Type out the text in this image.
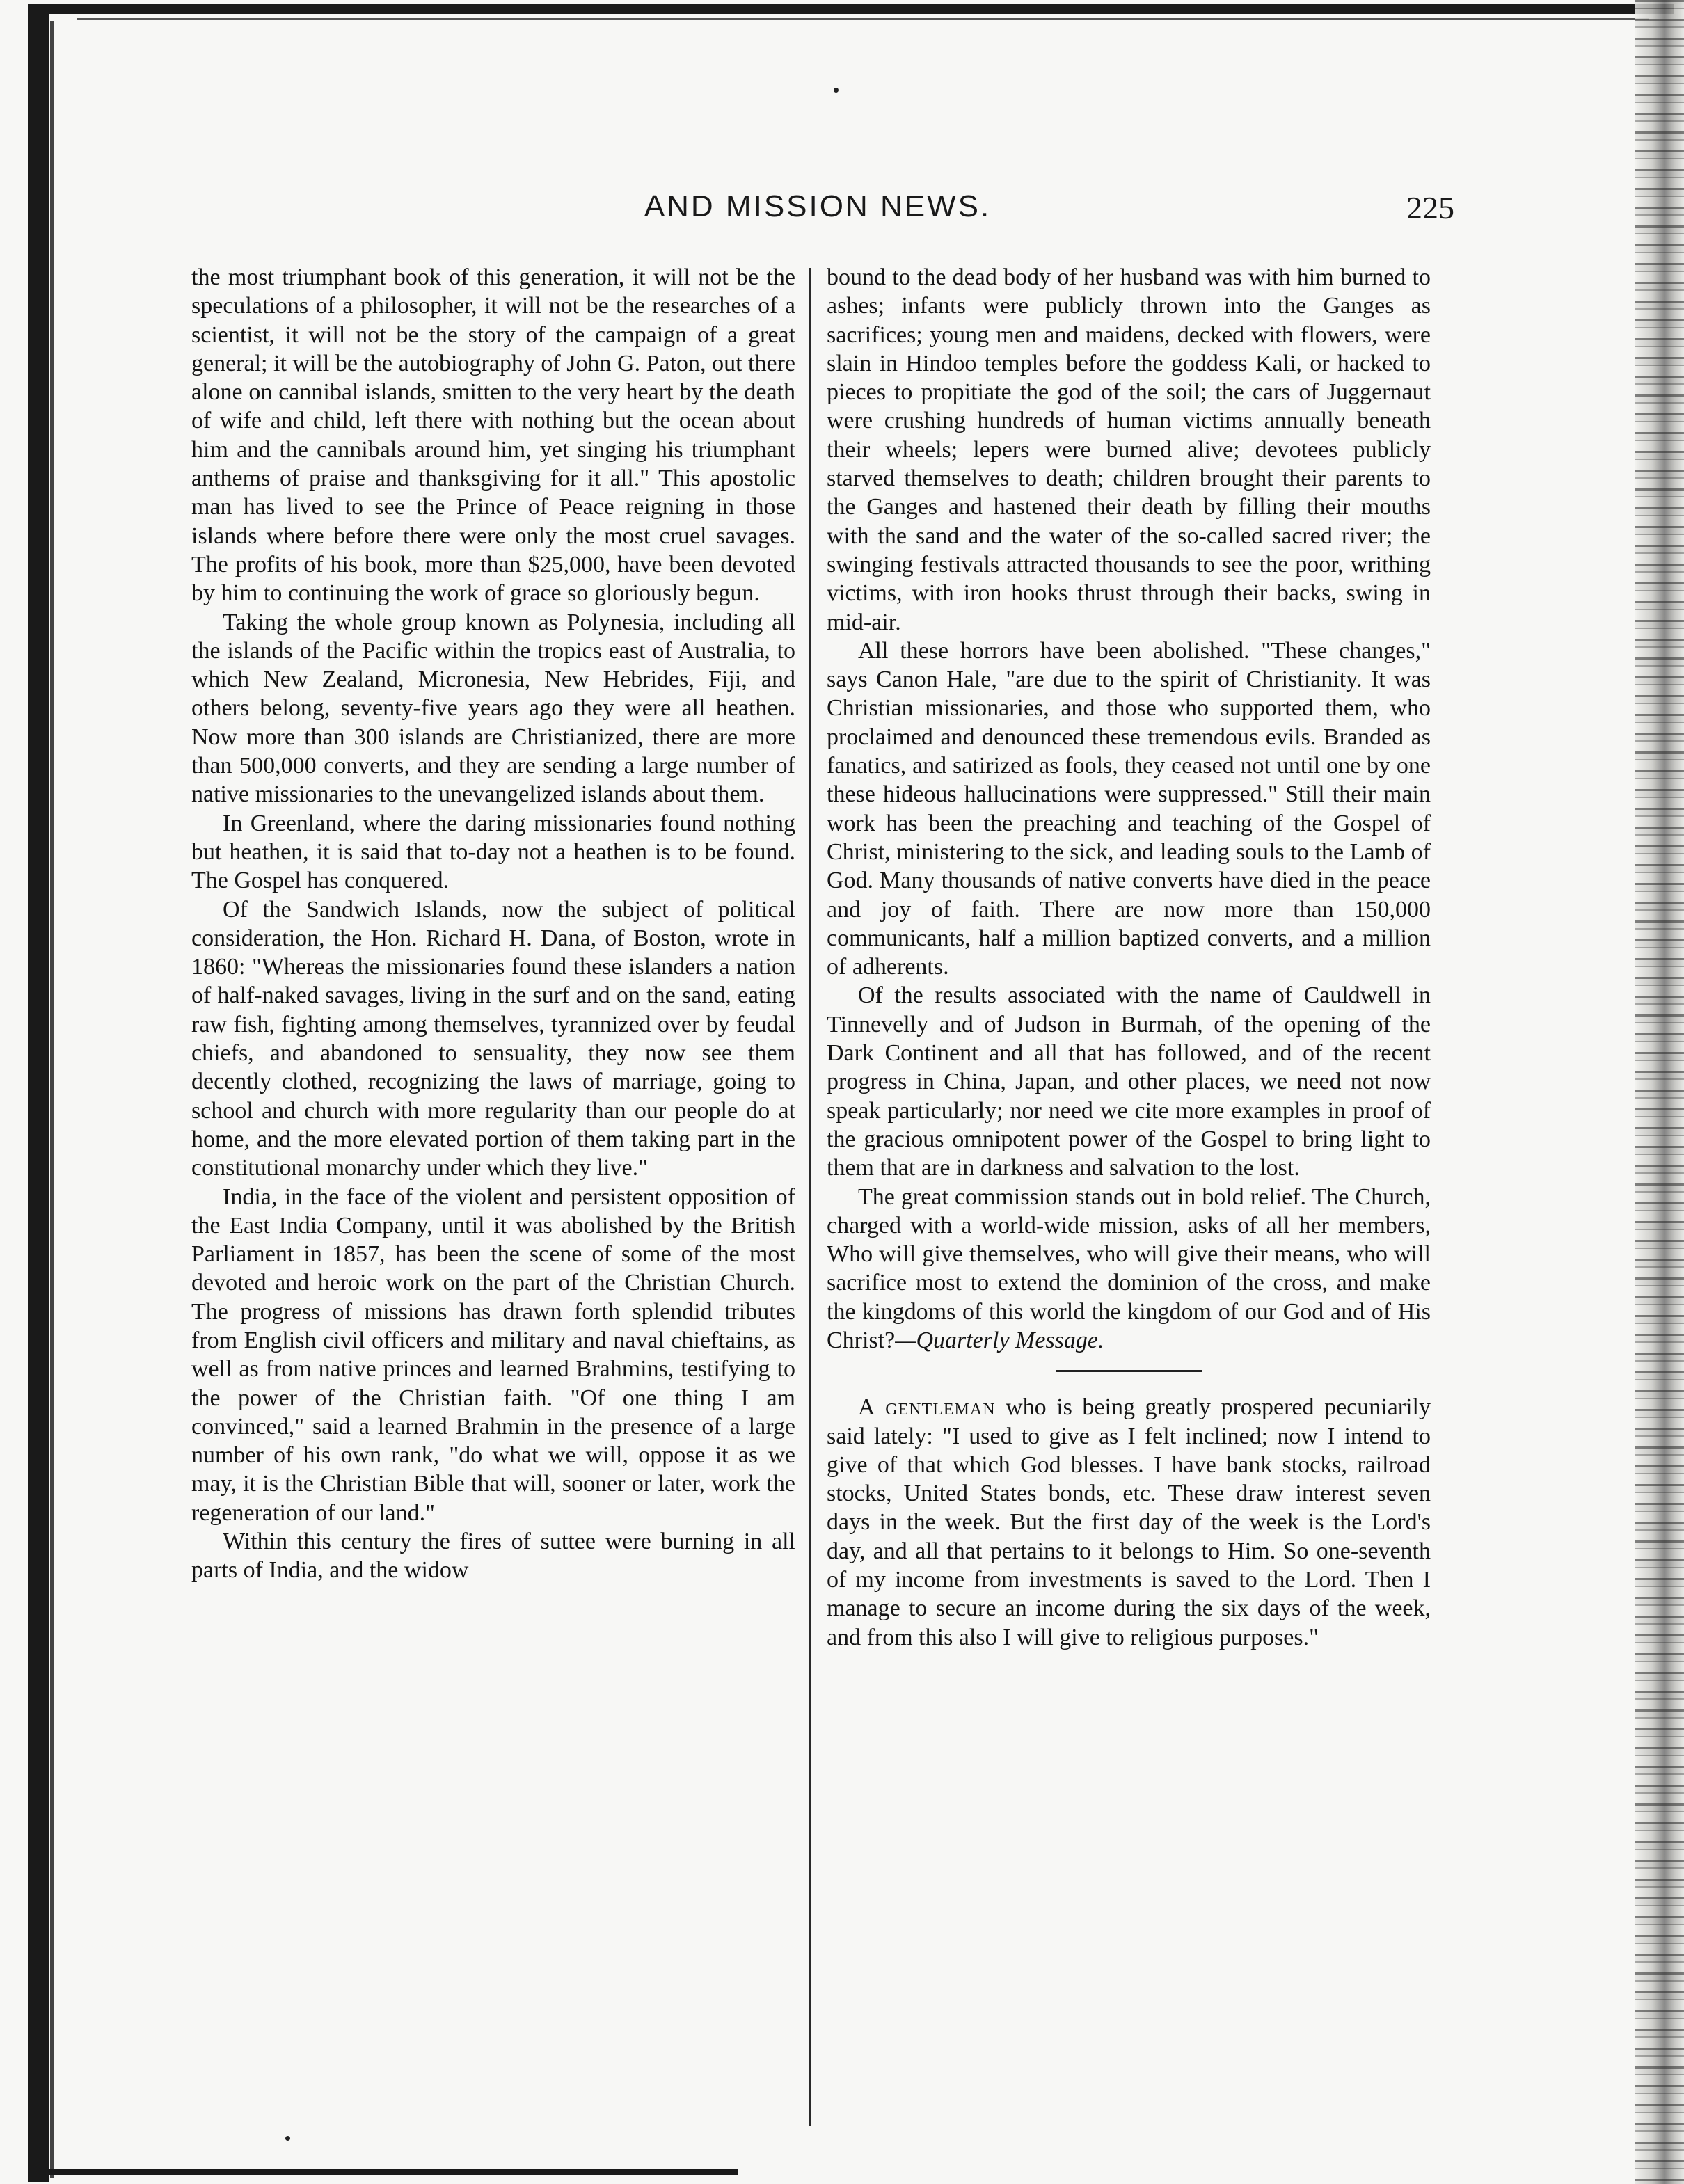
AND MISSION NEWS.	225

the most triumphant book of this generation, it will not be the speculations of a philosopher, it will not be the researches of a scientist, it will not be the story of the campaign of a great general; it will be the autobiography of John G. Paton, out there alone on cannibal islands, smitten to the very heart by the death of wife and child, left there with nothing but the ocean about him and the cannibals around him, yet singing his triumphant anthems of praise and thanksgiving for it all." This apostolic man has lived to see the Prince of Peace reigning in those islands where before there were only the most cruel savages. The profits of his book, more than $25,000, have been devoted by him to continuing the work of grace so gloriously begun.

Taking the whole group known as Polynesia, including all the islands of the Pacific within the tropics east of Australia, to which New Zealand, Micronesia, New Hebrides, Fiji, and others belong, seventy-five years ago they were all heathen. Now more than 300 islands are Christianized, there are more than 500,000 converts, and they are sending a large number of native missionaries to the unevangelized islands about them.

In Greenland, where the daring missionaries found nothing but heathen, it is said that to-day not a heathen is to be found. The Gospel has conquered.

Of the Sandwich Islands, now the subject of political consideration, the Hon. Richard H. Dana, of Boston, wrote in 1860: "Whereas the missionaries found these islanders a nation of half-naked savages, living in the surf and on the sand, eating raw fish, fighting among themselves, tyrannized over by feudal chiefs, and abandoned to sensuality, they now see them decently clothed, recognizing the laws of marriage, going to school and church with more regularity than our people do at home, and the more elevated portion of them taking part in the constitutional monarchy under which they live."

India, in the face of the violent and persistent opposition of the East India Company, until it was abolished by the British Parliament in 1857, has been the scene of some of the most devoted and heroic work on the part of the Christian Church. The progress of missions has drawn forth splendid tributes from English civil officers and military and naval chieftains, as well as from native princes and learned Brahmins, testifying to the power of the Christian faith. "Of one thing I am convinced," said a learned Brahmin in the presence of a large number of his own rank, "do what we will, oppose it as we may, it is the Christian Bible that will, sooner or later, work the regeneration of our land."

Within this century the fires of suttee were burning in all parts of India, and the widow

bound to the dead body of her husband was with him burned to ashes; infants were publicly thrown into the Ganges as sacrifices; young men and maidens, decked with flowers, were slain in Hindoo temples before the goddess Kali, or hacked to pieces to propitiate the god of the soil; the cars of Juggernaut were crushing hundreds of human victims annually beneath their wheels; lepers were burned alive; devotees publicly starved themselves to death; children brought their parents to the Ganges and hastened their death by filling their mouths with the sand and the water of the so-called sacred river; the swinging festivals attracted thousands to see the poor, writhing victims, with iron hooks thrust through their backs, swing in mid-air.

All these horrors have been abolished. "These changes," says Canon Hale, "are due to the spirit of Christianity. It was Christian missionaries, and those who supported them, who proclaimed and denounced these tremendous evils. Branded as fanatics, and satirized as fools, they ceased not until one by one these hideous hallucinations were suppressed." Still their main work has been the preaching and teaching of the Gospel of Christ, ministering to the sick, and leading souls to the Lamb of God. Many thousands of native converts have died in the peace and joy of faith. There are now more than 150,000 communicants, half a million baptized converts, and a million of adherents.

Of the results associated with the name of Cauldwell in Tinnevelly and of Judson in Burmah, of the opening of the Dark Continent and all that has followed, and of the recent progress in China, Japan, and other places, we need not now speak particularly; nor need we cite more examples in proof of the gracious omnipotent power of the Gospel to bring light to them that are in darkness and salvation to the lost.

The great commission stands out in bold relief. The Church, charged with a world-wide mission, asks of all her members, Who will give themselves, who will give their means, who will sacrifice most to extend the dominion of the cross, and make the kingdoms of this world the kingdom of our God and of His Christ?—Quarterly Message.

A gentleman who is being greatly prospered pecuniarily said lately: "I used to give as I felt inclined; now I intend to give of that which God blesses. I have bank stocks, railroad stocks, United States bonds, etc. These draw interest seven days in the week. But the first day of the week is the Lord's day, and all that pertains to it belongs to Him. So one-seventh of my income from investments is saved to the Lord. Then I manage to secure an income during the six days of the week, and from this also I will give to religious purposes."
